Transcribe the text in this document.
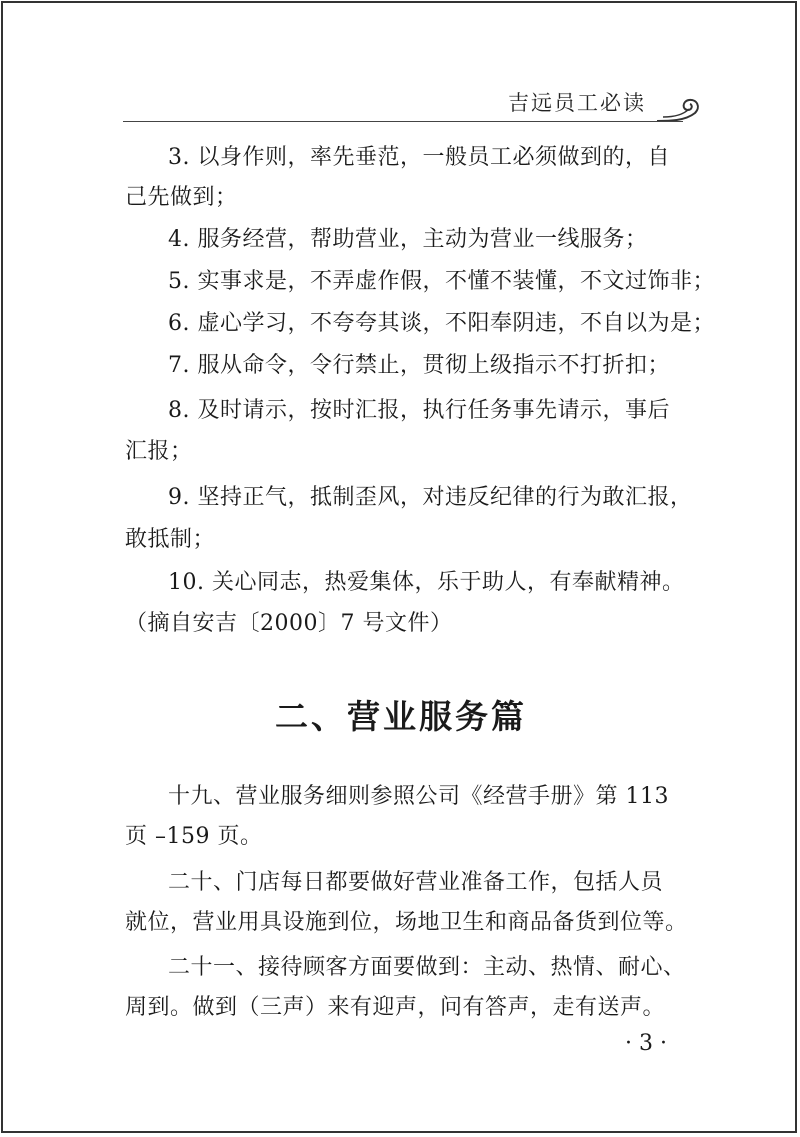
吉远员工必读
3. 以身作则，率先垂范，一般员工必须做到的，自
己先做到；
4. 服务经营，帮助营业，主动为营业一线服务；
5. 实事求是，不弄虚作假，不懂不装懂，不文过饰非；
6. 虚心学习，不夸夸其谈，不阳奉阴违，不自以为是；
7. 服从命令，令行禁止，贯彻上级指示不打折扣；
8. 及时请示，按时汇报，执行任务事先请示，事后
汇报；
9. 坚持正气，抵制歪风，对违反纪律的行为敢汇报，
敢抵制；
10. 关心同志，热爱集体，乐于助人，有奉献精神。
（摘自安吉〔2000〕7 号文件）
二、营业服务篇
十九、营业服务细则参照公司《经营手册》第 113
页 –159 页。
二十、门店每日都要做好营业准备工作，包括人员
就位，营业用具设施到位，场地卫生和商品备货到位等。
二十一、接待顾客方面要做到：主动、热情、耐心、
周到。做到（三声）来有迎声，问有答声，走有送声。
· 3 ·
